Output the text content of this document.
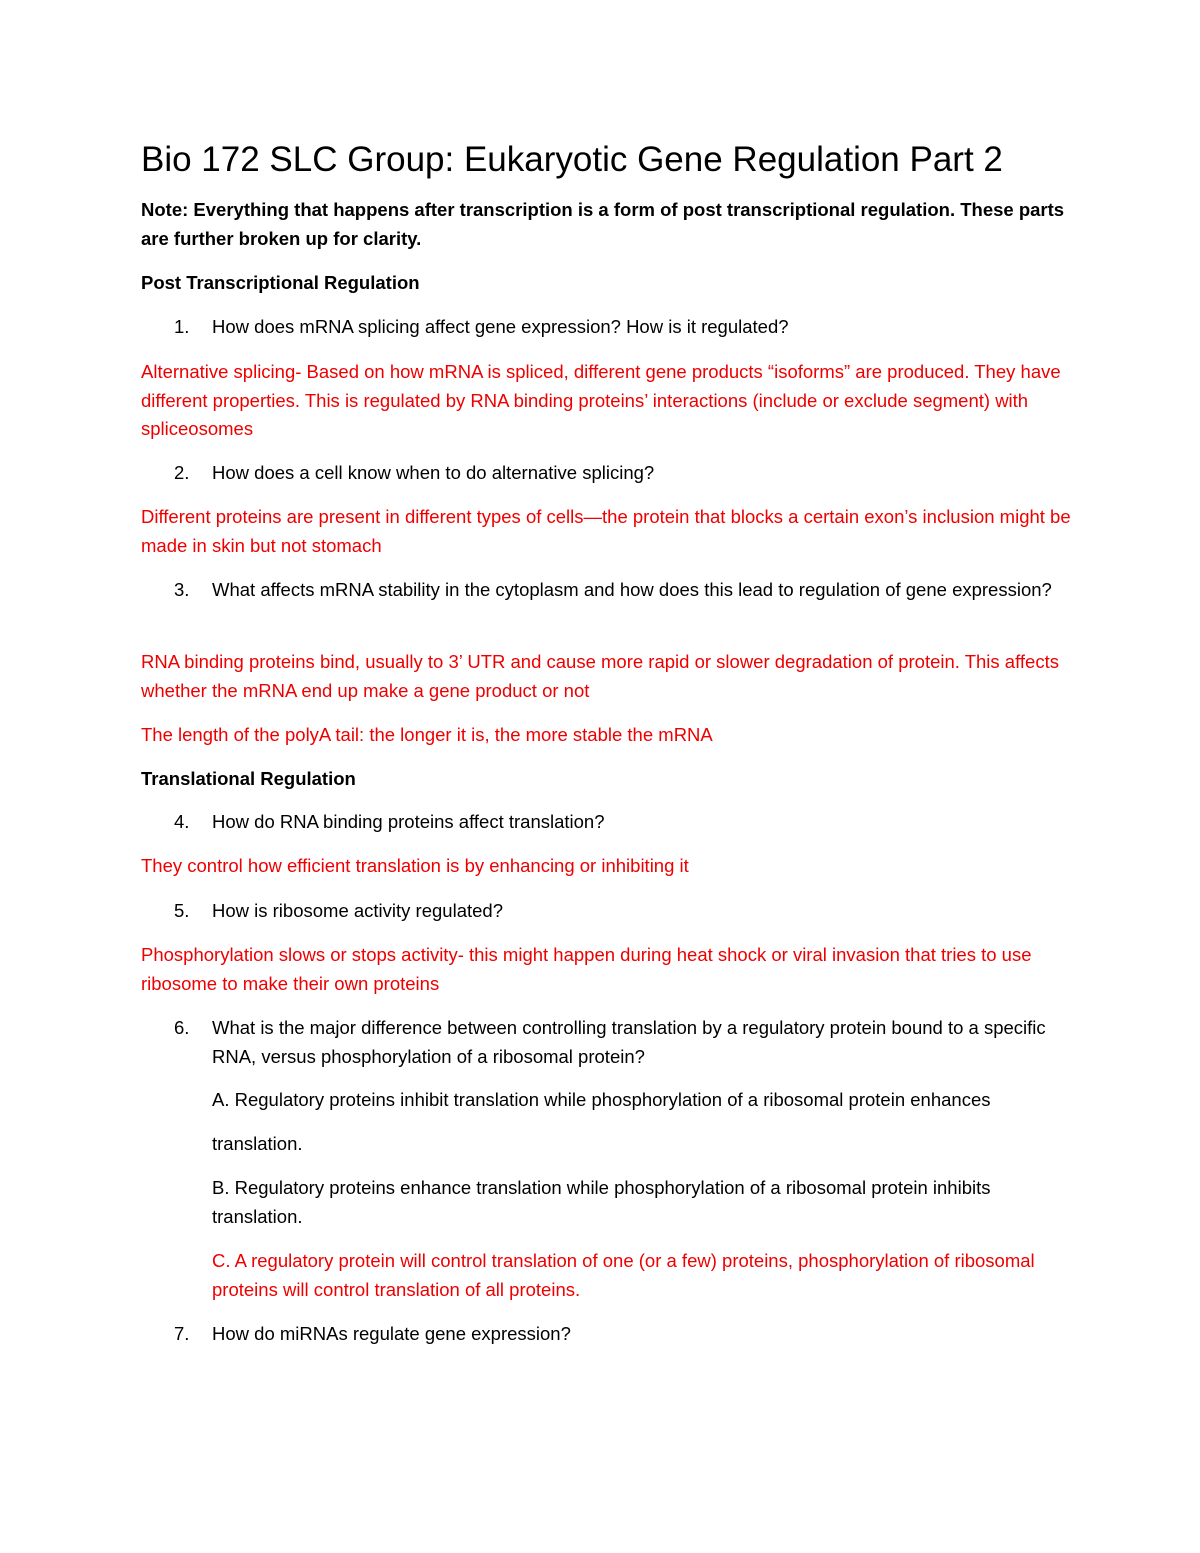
Bio 172 SLC Group: Eukaryotic Gene Regulation Part 2
Note: Everything that happens after transcription is a form of post transcriptional regulation. These parts are further broken up for clarity.
Post Transcriptional Regulation
1. How does mRNA splicing affect gene expression? How is it regulated?
Alternative splicing- Based on how mRNA is spliced, different gene products “isoforms” are produced. They have different properties. This is regulated by RNA binding proteins’ interactions (include or exclude segment) with spliceosomes
2. How does a cell know when to do alternative splicing?
Different proteins are present in different types of cells—the protein that blocks a certain exon’s inclusion might be made in skin but not stomach
3. What affects mRNA stability in the cytoplasm and how does this lead to regulation of gene expression?
RNA binding proteins bind, usually to 3’ UTR and cause more rapid or slower degradation of protein. This affects whether the mRNA end up make a gene product or not
The length of the polyA tail: the longer it is, the more stable the mRNA
Translational Regulation
4. How do RNA binding proteins affect translation?
They control how efficient translation is by enhancing or inhibiting it
5. How is ribosome activity regulated?
Phosphorylation slows or stops activity- this might happen during heat shock or viral invasion that tries to use ribosome to make their own proteins
6. What is the major difference between controlling translation by a regulatory protein bound to a specific RNA, versus phosphorylation of a ribosomal protein?
A. Regulatory proteins inhibit translation while phosphorylation of a ribosomal protein enhances
translation.
B. Regulatory proteins enhance translation while phosphorylation of a ribosomal protein inhibits translation.
C. A regulatory protein will control translation of one (or a few) proteins, phosphorylation of ribosomal proteins will control translation of all proteins.
7. How do miRNAs regulate gene expression?
